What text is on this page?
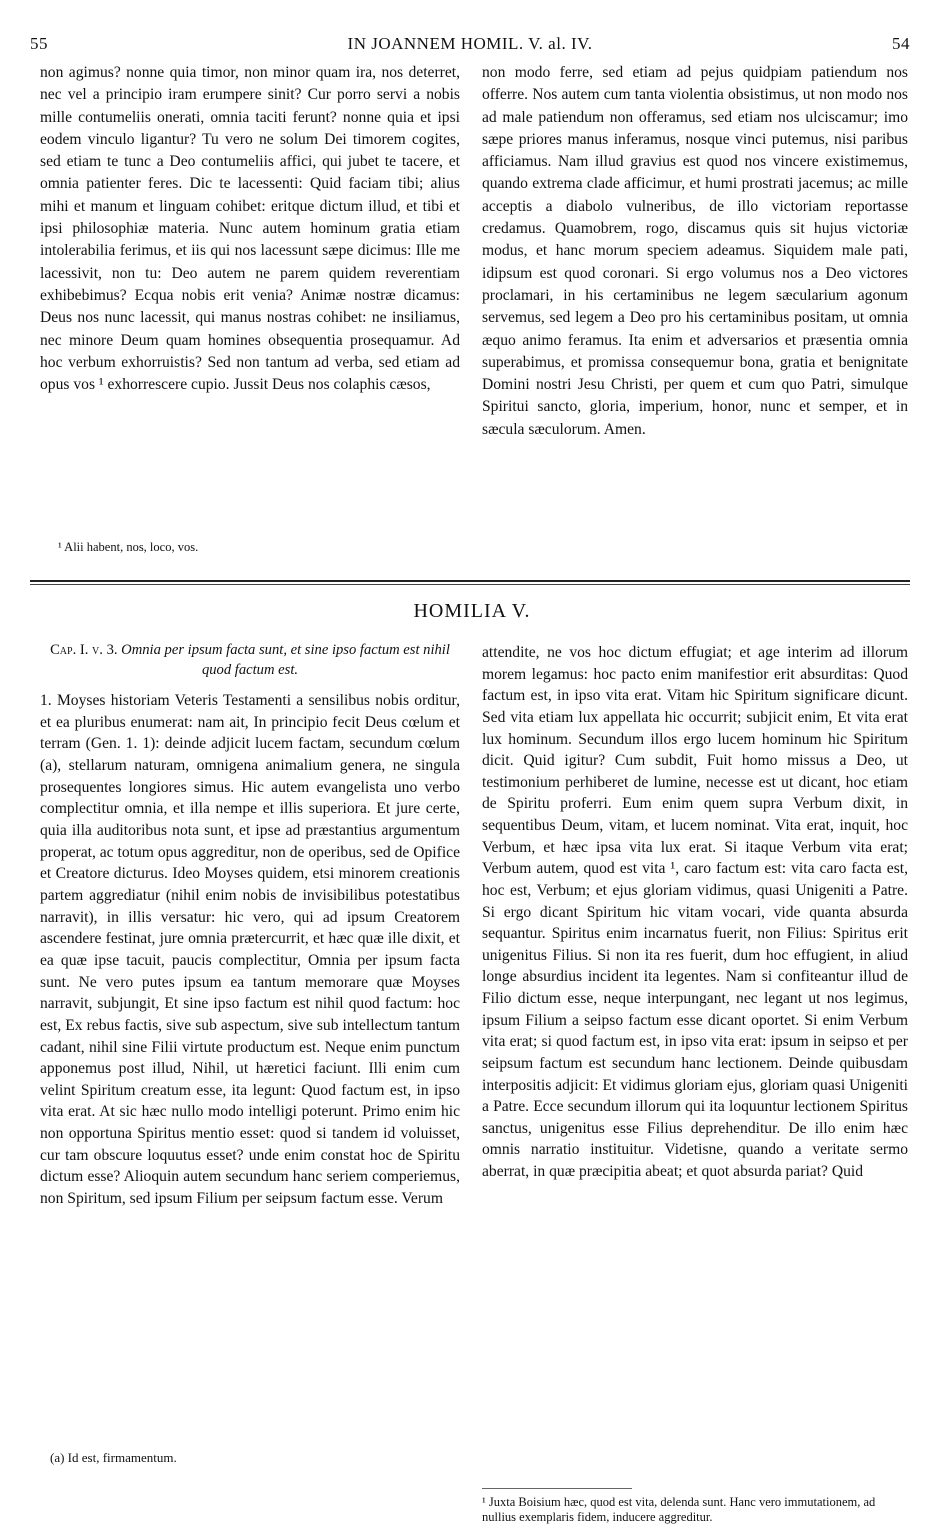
55	IN JOANNEM HOMIL. V. al. IV.	54

non agimus? nonne quia timor, non minor quam ira, nos deterret, nec vel a principio iram erumpere sinit? Cur porro servi a nobis mille contumeliis onerati, omnia taciti ferunt? nonne quia et ipsi eodem vinculo ligantur? Tu vero ne solum Dei timorem cogites, sed etiam te tunc a Deo contumeliis affici, qui jubet te tacere, et omnia patienter feres. Dic te lacessenti: Quid faciam tibi; alius mihi et manum et linguam cohibet: eritque dictum illud, et tibi et ipsi philosophiæ materia. Nunc autem hominum gratia etiam intolerabilia ferimus, et iis qui nos lacessunt sæpe dicimus: Ille me lacessivit, non tu: Deo autem ne parem quidem reverentiam exhibebimus? Ecqua nobis erit venia? Animæ nostræ dicamus: Deus nos nunc lacessit, qui manus nostras cohibet: ne insiliamus, nec minore Deum quam homines obsequentia prosequamur. Ad hoc verbum exhorruistis? Sed non tantum ad verba, sed etiam ad opus vos ¹ exhorrescere cupio. Jussit Deus nos colaphis cæsos,

¹ Alii habent, nos, loco, vos.

non modo ferre, sed etiam ad pejus quidpiam patiendum nos offerre. Nos autem cum tanta violentia obsistimus, ut non modo nos ad male patiendum non offeramus, sed etiam nos ulciscamur; imo sæpe priores manus inferamus, nosque vinci putemus, nisi paribus afficiamus. Nam illud gravius est quod nos vincere existimemus, quando extrema clade afficimur, et humi prostrati jacemus; ac mille acceptis a diabolo vulneribus, de illo victoriam reportasse credamus. Quamobrem, rogo, discamus quis sit hujus victoriæ modus, et hanc morum speciem adeamus. Siquidem male pati, idipsum est quod coronari. Si ergo volumus nos a Deo victores proclamari, in his certaminibus ne legem sæcularium agonum servemus, sed legem a Deo pro his certaminibus positam, ut omnia æquo animo feramus. Ita enim et adversarios et præsentia omnia superabimus, et promissa consequemur bona, gratia et benignitate Domini nostri Jesu Christi, per quem et cum quo Patri, simulque Spiritui sancto, gloria, imperium, honor, nunc et semper, et in sæcula sæculorum. Amen.

HOMILIA V.
Cap. I. v. 3. Omnia per ipsum facta sunt, et sine ipso factum est nihil quod factum est.

1. Moyses historiam Veteris Testamenti a sensilibus nobis orditur, et ea pluribus enumerat: nam ait, In principio fecit Deus cœlum et terram (Gen. 1. 1): deinde adjicit lucem factam, secundum cœlum (a), stellarum naturam, omnigena animalium genera, ne singula prosequentes longiores simus. Hic autem evangelista uno verbo complectitur omnia, et illa nempe et illis superiora. Et jure certe, quia illa auditoribus nota sunt, et ipse ad præstantius argumentum properat, ac totum opus aggreditur, non de operibus, sed de Opifice et Creatore dicturus. Ideo Moyses quidem, etsi minorem creationis partem aggrediatur (nihil enim nobis de invisibilibus potestatibus narravit), in illis versatur: hic vero, qui ad ipsum Creatorem ascendere festinat, jure omnia prætercurrit, et hæc quæ ille dixit, et ea quæ ipse tacuit, paucis complectitur, Omnia per ipsum facta sunt. Ne vero putes ipsum ea tantum memorare quæ Moyses narravit, subjungit, Et sine ipso factum est nihil quod factum: hoc est, Ex rebus factis, sive sub aspectum, sive sub intellectum tantum cadant, nihil sine Filii virtute productum est. Neque enim punctum apponemus post illud, Nihil, ut hæretici faciunt. Illi enim cum velint Spiritum creatum esse, ita legunt: Quod factum est, in ipso vita erat. At sic hæc nullo modo intelligi poterunt. Primo enim hic non opportuna Spiritus mentio esset: quod si tandem id voluisset, cur tam obscure loquutus esset? unde enim constat hoc de Spiritu dictum esse? Alioquin autem secundum hanc seriem comperiemus, non Spiritum, sed ipsum Filium per seipsum factum esse. Verum

(a) Id est, firmamentum.

attendite, ne vos hoc dictum effugiat; et age interim ad illorum morem legamus: hoc pacto enim manifestior erit absurditas: Quod factum est, in ipso vita erat. Vitam hic Spiritum significare dicunt. Sed vita etiam lux appellata hic occurrit; subjicit enim, Et vita erat lux hominum. Secundum illos ergo lucem hominum hic Spiritum dicit. Quid igitur? Cum subdit, Fuit homo missus a Deo, ut testimonium perhiberet de lumine, necesse est ut dicant, hoc etiam de Spiritu proferri. Eum enim quem supra Verbum dixit, in sequentibus Deum, vitam, et lucem nominat. Vita erat, inquit, hoc Verbum, et hæc ipsa vita lux erat. Si itaque Verbum vita erat; Verbum autem, quod est vita ¹, caro factum est: vita caro facta est, hoc est, Verbum; et ejus gloriam vidimus, quasi Unigeniti a Patre. Si ergo dicant Spiritum hic vitam vocari, vide quanta absurda sequantur. Spiritus enim incarnatus fuerit, non Filius: Spiritus erit unigenitus Filius. Si non ita res fuerit, dum hoc effugient, in aliud longe absurdius incident ita legentes. Nam si confiteantur illud de Filio dictum esse, neque interpungant, nec legant ut nos legimus, ipsum Filium a seipso factum esse dicant oportet. Si enim Verbum vita erat; si quod factum est, in ipso vita erat: ipsum in seipso et per seipsum factum est secundum hanc lectionem. Deinde quibusdam interpositis adjicit: Et vidimus gloriam ejus, gloriam quasi Unigeniti a Patre. Ecce secundum illorum qui ita loquuntur lectionem Spiritus sanctus, unigenitus esse Filius deprehenditur. De illo enim hæc omnis narratio instituitur. Videtisne, quando a veritate sermo aberrat, in quæ præcipitia abeat; et quot absurda pariat? Quid

¹ Juxta Boisium hæc, quod est vita, delenda sunt. Hanc vero immutationem, ad nullius exemplaris fidem, inducere aggreditur.
